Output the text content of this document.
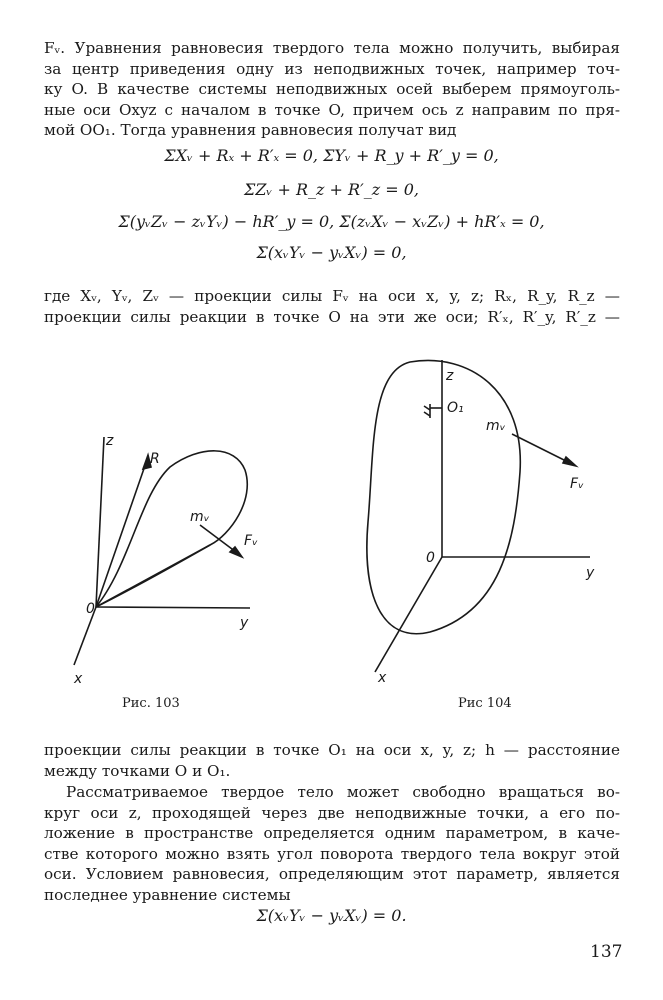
Fᵥ. Уравнения равновесия твердого тела можно получить, выбирая
за центр приведения одну из неподвижных точек, например точ-
ку O. В качестве системы неподвижных осей выберем прямоуголь-
ные оси Oxyz с началом в точке O, причем ось z направим по пря-
мой OO₁. Тогда уравнения равновесия получат вид
ΣXᵥ + Rₓ + R′ₓ = 0, ΣYᵥ + R_y + R′_y = 0,
ΣZᵥ + R_z + R′_z = 0,
Σ(yᵥZᵥ − zᵥYᵥ) − hR′_y = 0, Σ(zᵥXᵥ − xᵥZᵥ) + hR′ₓ = 0,
Σ(xᵥYᵥ − yᵥXᵥ) = 0,
где Xᵥ, Yᵥ, Zᵥ — проекции силы Fᵥ на оси x, y, z; Rₓ, R_y, R_z —
проекции силы реакции в точке O на эти же оси; R′ₓ, R′_y, R′_z —
z
R
mᵥ
Fᵥ
0
y
x
Рис. 103
z
O₁
mᵥ
Fᵥ
0
y
x
Рис 104
проекции силы реакции в точке O₁ на оси x, y, z; h — расстояние
между точками O и O₁.
Рассматриваемое твердое тело может свободно вращаться во-
круг оси z, проходящей через две неподвижные точки, а его по-
ложение в пространстве определяется одним параметром, в каче-
стве которого можно взять угол поворота твердого тела вокруг этой
оси. Условием равновесия, определяющим этот параметр, является
последнее уравнение системы
Σ(xᵥYᵥ − yᵥXᵥ) = 0.
137
